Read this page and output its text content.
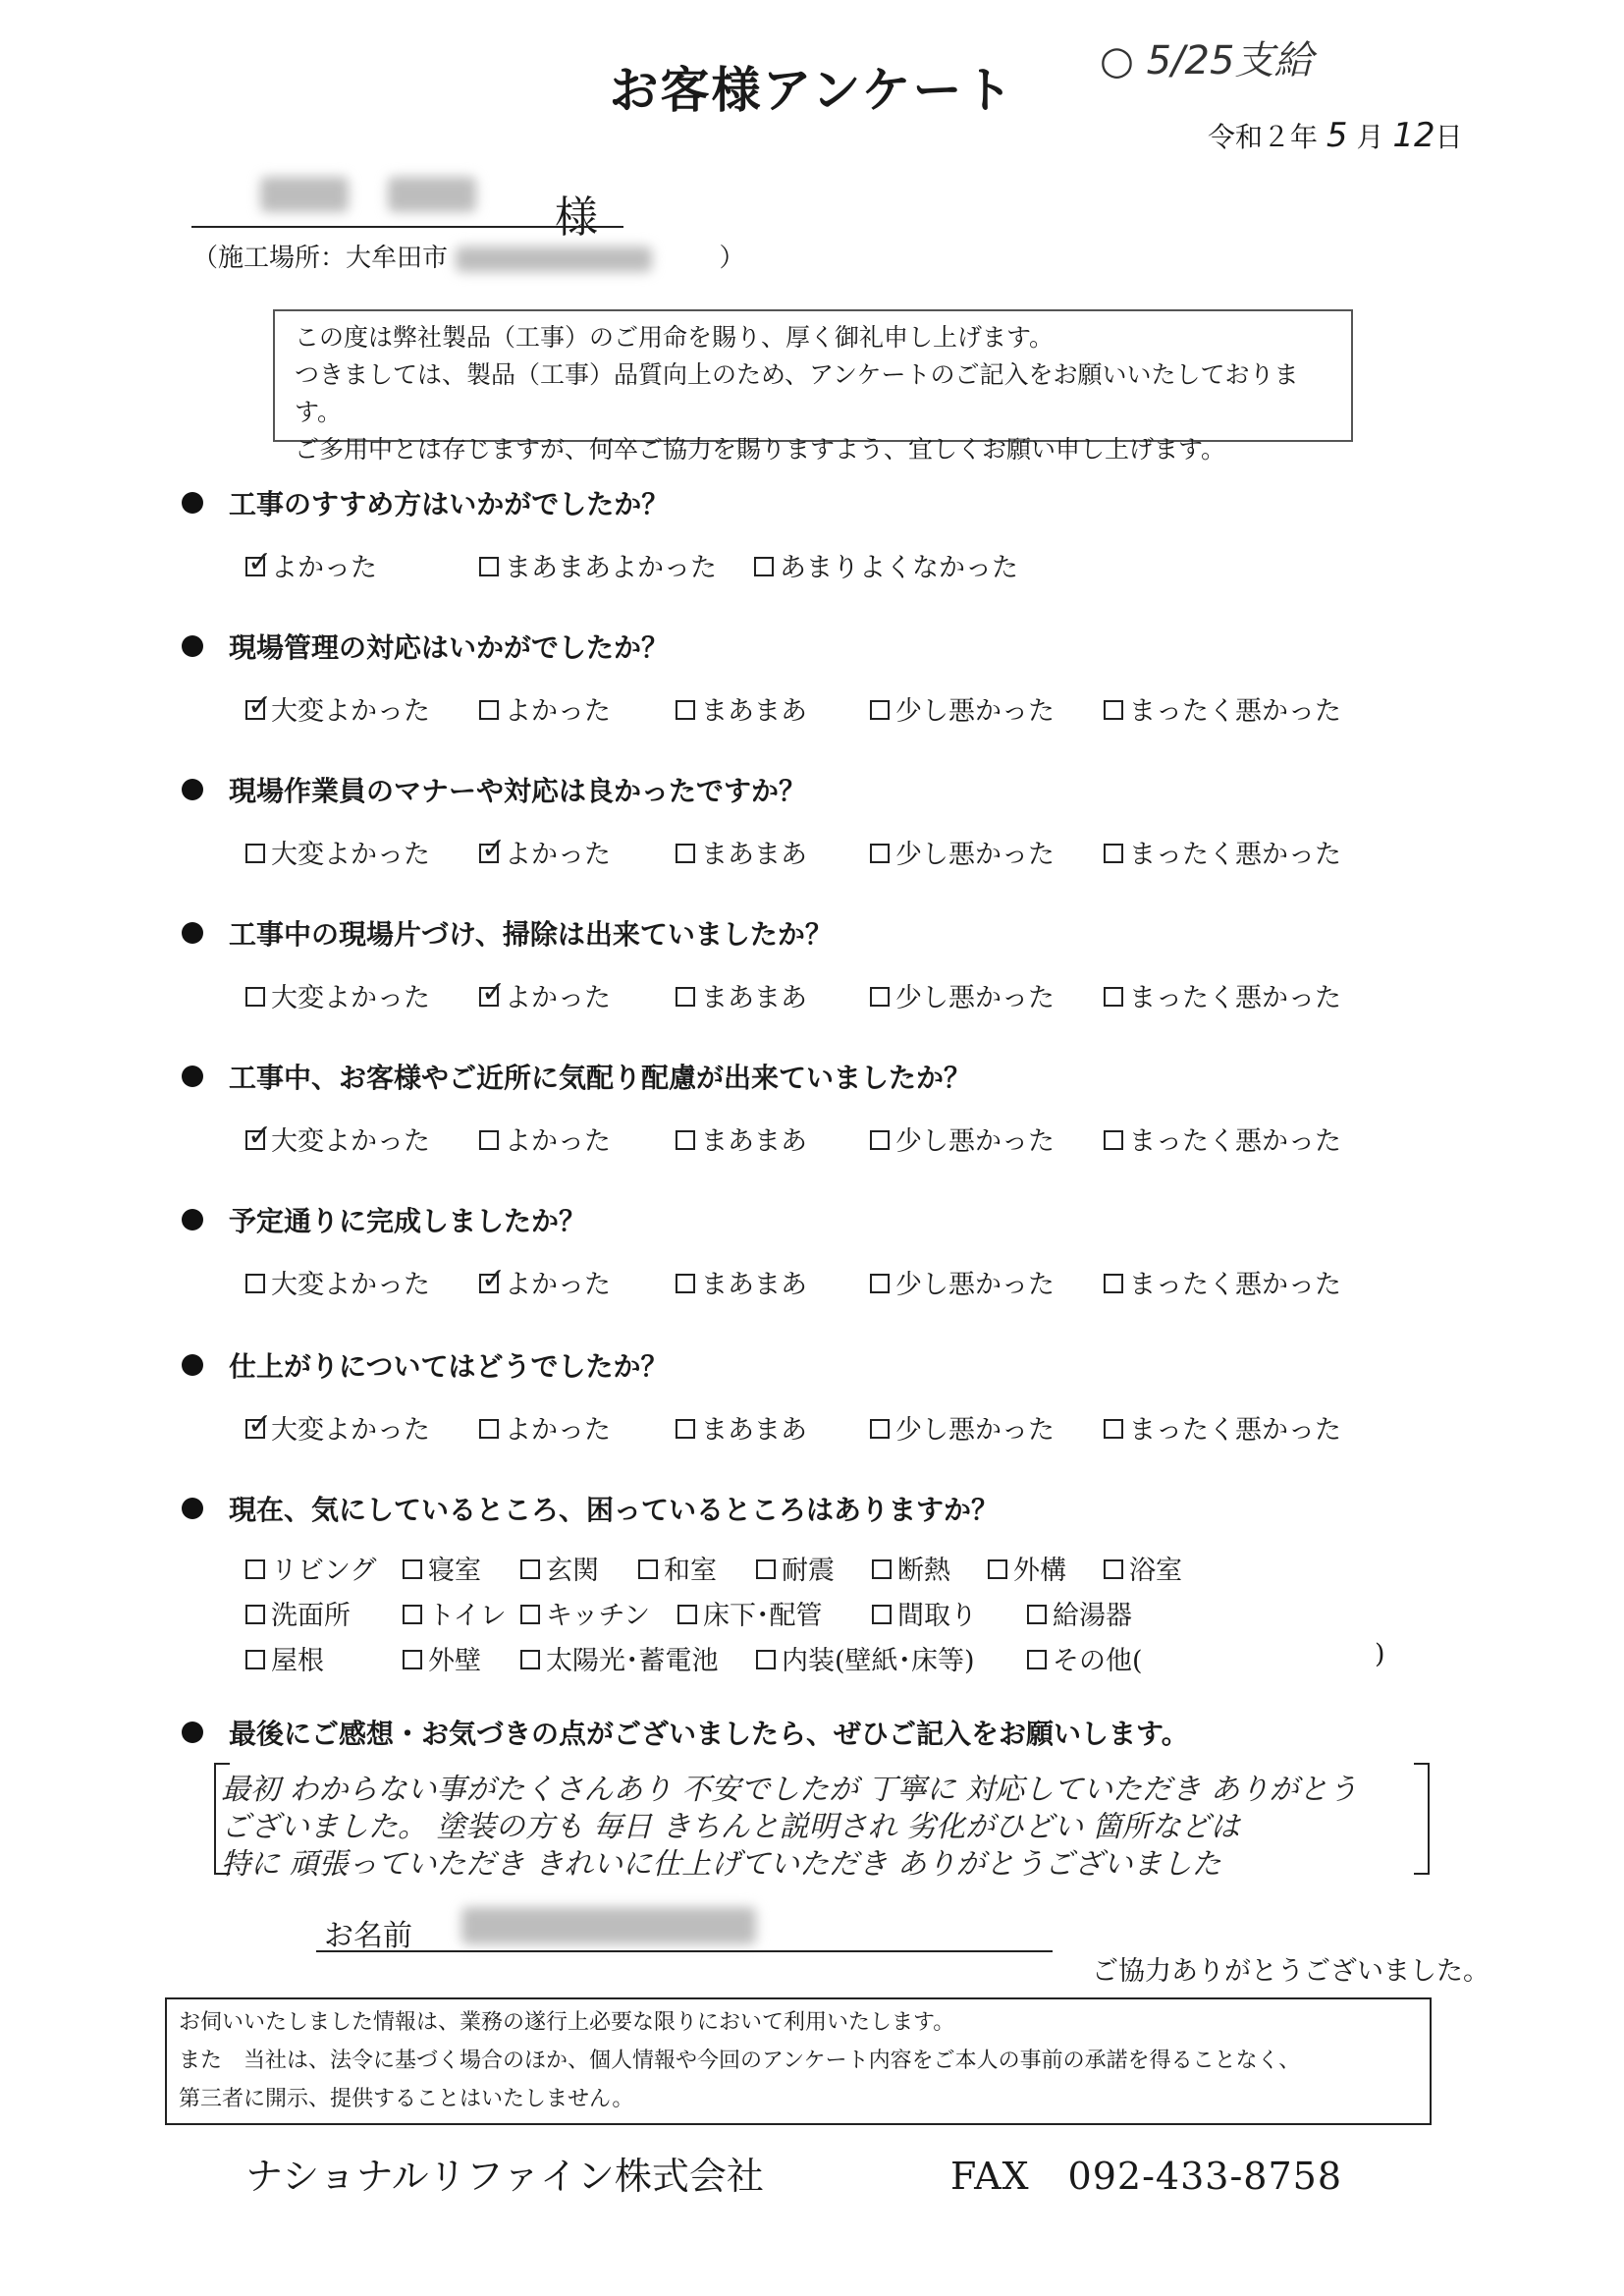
お客様アンケート
○ 5/25支給
令和２年 5 月 12日
様
（施工場所：大牟田市	）
この度は弊社製品（工事）のご用命を賜り、厚く御礼申し上げます。
つきましては、製品（工事）品質向上のため、アンケートのご記入をお願いいたしております。
ご多用中とは存じますが、何卒ご協力を賜りますよう、宜しくお願い申し上げます。
工事のすすめ方はいかがでしたか？
✓よかった	まあまあよかった	あまりよくなかった
現場管理の対応はいかがでしたか？
✓大変よかった	よかった	まあまあ	少し悪かった	まったく悪かった
現場作業員のマナーや対応は良かったですか？
大変よかった ✓	よかった	まあまあ	少し悪かった	まったく悪かった
工事中の現場片づけ、掃除は出来ていましたか？
大変よかった ✓	よかった	まあまあ	少し悪かった	まったく悪かった
工事中、お客様やご近所に気配り配慮が出来ていましたか？
✓大変よかった	よかった	まあまあ	少し悪かった	まったく悪かった
予定通りに完成しましたか？
大変よかった ✓	よかった	まあまあ	少し悪かった	まったく悪かった
仕上がりについてはどうでしたか？
✓大変よかった	よかった	まあまあ	少し悪かった	まったく悪かった
現在、気にしているところ、困っているところはありますか？
リビング	寝室	玄関	和室	耐震	断熱	外構	浴室
洗面所	トイレ	キッチン	床下･配管	間取り	給湯器
屋根	外壁	太陽光･蓄電池	内装(壁紙･床等)	その他(	)
最後にご感想・お気づきの点がございましたら、ぜひご記入をお願いします。
最初 わからない事がたくさんあり 不安でしたが 丁寧に 対応していただき ありがとう
ございました。 塗装の方も 毎日 きちんと説明され 劣化がひどい 箇所などは
特に 頑張っていただき きれいに仕上げていただき ありがとうございました
お名前
ご協力ありがとうございました。
お伺いいたしました情報は、業務の遂行上必要な限りにおいて利用いたします。
また　当社は、法令に基づく場合のほか、個人情報や今回のアンケート内容をご本人の事前の承諾を得ることなく、
第三者に開示、提供することはいたしません。
ナショナルリファイン株式会社	FAX　092-433-8758
